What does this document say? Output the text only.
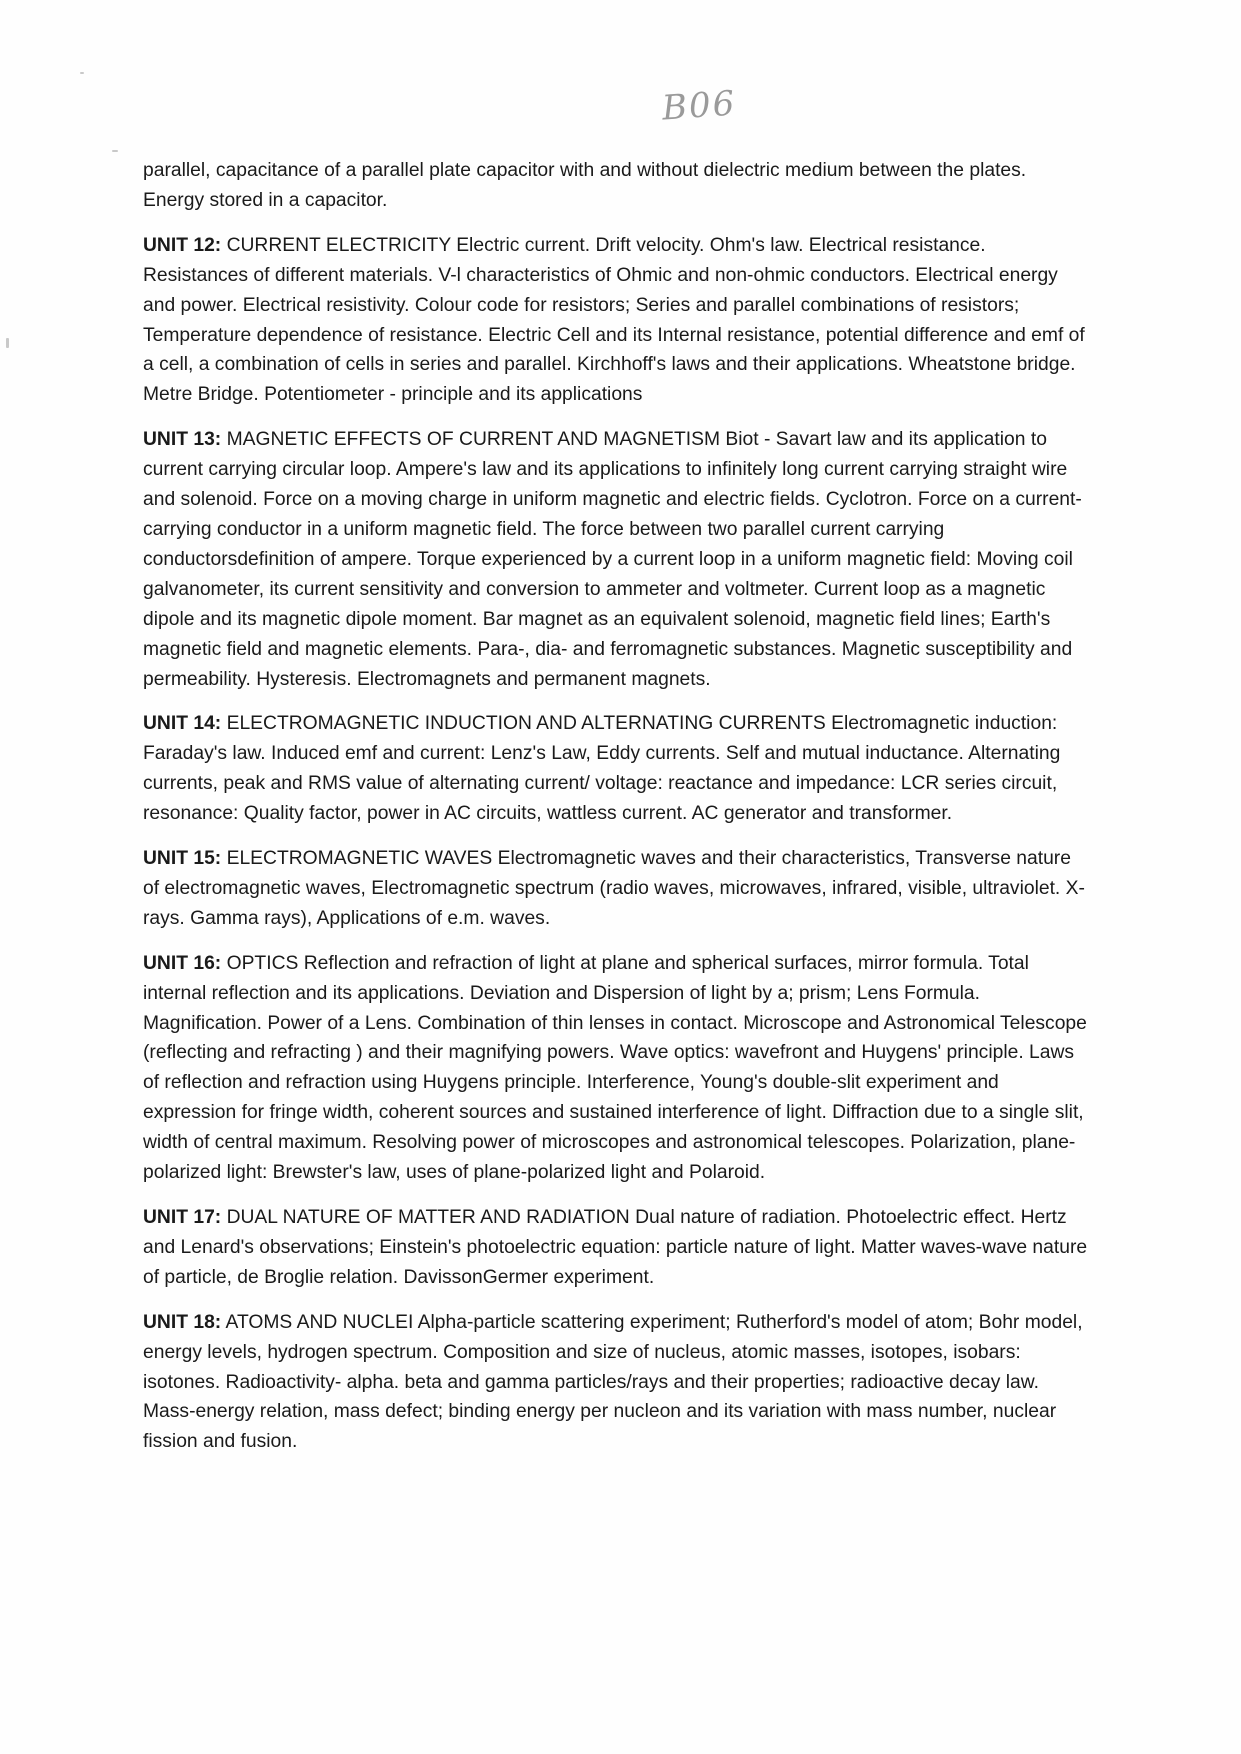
B06

parallel, capacitance of a parallel plate capacitor with and without dielectric medium between the plates. Energy stored in a capacitor.

UNIT 12: CURRENT ELECTRICITY Electric current. Drift velocity. Ohm's law. Electrical resistance. Resistances of different materials. V-l characteristics of Ohmic and non-ohmic conductors. Electrical energy and power. Electrical resistivity. Colour code for resistors; Series and parallel combinations of resistors; Temperature dependence of resistance. Electric Cell and its Internal resistance, potential difference and emf of a cell, a combination of cells in series and parallel. Kirchhoff's laws and their applications. Wheatstone bridge. Metre Bridge. Potentiometer - principle and its applications

UNIT 13: MAGNETIC EFFECTS OF CURRENT AND MAGNETISM Biot - Savart law and its application to current carrying circular loop. Ampere's law and its applications to infinitely long current carrying straight wire and solenoid. Force on a moving charge in uniform magnetic and electric fields. Cyclotron. Force on a current-carrying conductor in a uniform magnetic field. The force between two parallel current carrying conductorsdefinition of ampere. Torque experienced by a current loop in a uniform magnetic field: Moving coil galvanometer, its current sensitivity and conversion to ammeter and voltmeter. Current loop as a magnetic dipole and its magnetic dipole moment. Bar magnet as an equivalent solenoid, magnetic field lines; Earth's magnetic field and magnetic elements. Para-, dia- and ferromagnetic substances. Magnetic susceptibility and permeability. Hysteresis. Electromagnets and permanent magnets.

UNIT 14: ELECTROMAGNETIC INDUCTION AND ALTERNATING CURRENTS Electromagnetic induction: Faraday's law. Induced emf and current: Lenz's Law, Eddy currents. Self and mutual inductance. Alternating currents, peak and RMS value of alternating current/ voltage: reactance and impedance: LCR series circuit, resonance: Quality factor, power in AC circuits, wattless current. AC generator and transformer.

UNIT 15: ELECTROMAGNETIC WAVES Electromagnetic waves and their characteristics, Transverse nature of electromagnetic waves, Electromagnetic spectrum (radio waves, microwaves, infrared, visible, ultraviolet. X-rays. Gamma rays), Applications of e.m. waves.

UNIT 16: OPTICS Reflection and refraction of light at plane and spherical surfaces, mirror formula. Total internal reflection and its applications. Deviation and Dispersion of light by a; prism; Lens Formula. Magnification. Power of a Lens. Combination of thin lenses in contact. Microscope and Astronomical Telescope (reflecting and refracting ) and their magnifying powers. Wave optics: wavefront and Huygens' principle. Laws of reflection and refraction using Huygens principle. Interference, Young's double-slit experiment and expression for fringe width, coherent sources and sustained interference of light. Diffraction due to a single slit, width of central maximum. Resolving power of microscopes and astronomical telescopes. Polarization, plane-polarized light: Brewster's law, uses of plane-polarized light and Polaroid.

UNIT 17: DUAL NATURE OF MATTER AND RADIATION Dual nature of radiation. Photoelectric effect. Hertz and Lenard's observations; Einstein's photoelectric equation: particle nature of light. Matter waves-wave nature of particle, de Broglie relation. DavissonGermer experiment.

UNIT 18: ATOMS AND NUCLEI Alpha-particle scattering experiment; Rutherford's model of atom; Bohr model, energy levels, hydrogen spectrum. Composition and size of nucleus, atomic masses, isotopes, isobars: isotones. Radioactivity- alpha. beta and gamma particles/rays and their properties; radioactive decay law. Mass-energy relation, mass defect; binding energy per nucleon and its variation with mass number, nuclear fission and fusion.
